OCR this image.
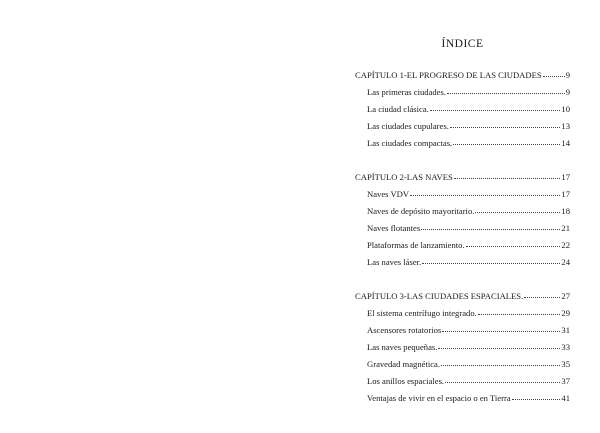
ÍNDICE
CAPÍTULO 1-EL PROGRESO DE LAS CIUDADES	9
Las primeras ciudades.	9
La ciudad clásica.	10
Las ciudades cupulares.	13
Las ciudades compactas.	14
CAPÍTULO 2-LAS NAVES	17
Naves VDV	17
Naves de depósito mayoritario.	18
Naves flotantes	21
Plataformas de lanzamiento.	22
Las naves láser.	24
CAPÍTULO 3-LAS CIUDADES ESPACIALES.	27
El sistema centrífugo integrado.	29
Ascensores rotatorios	31
Las naves pequeñas.	33
Gravedad magnética.	35
Los anillos espaciales.	37
Ventajas de vivir en el espacio o en Tierra	41
